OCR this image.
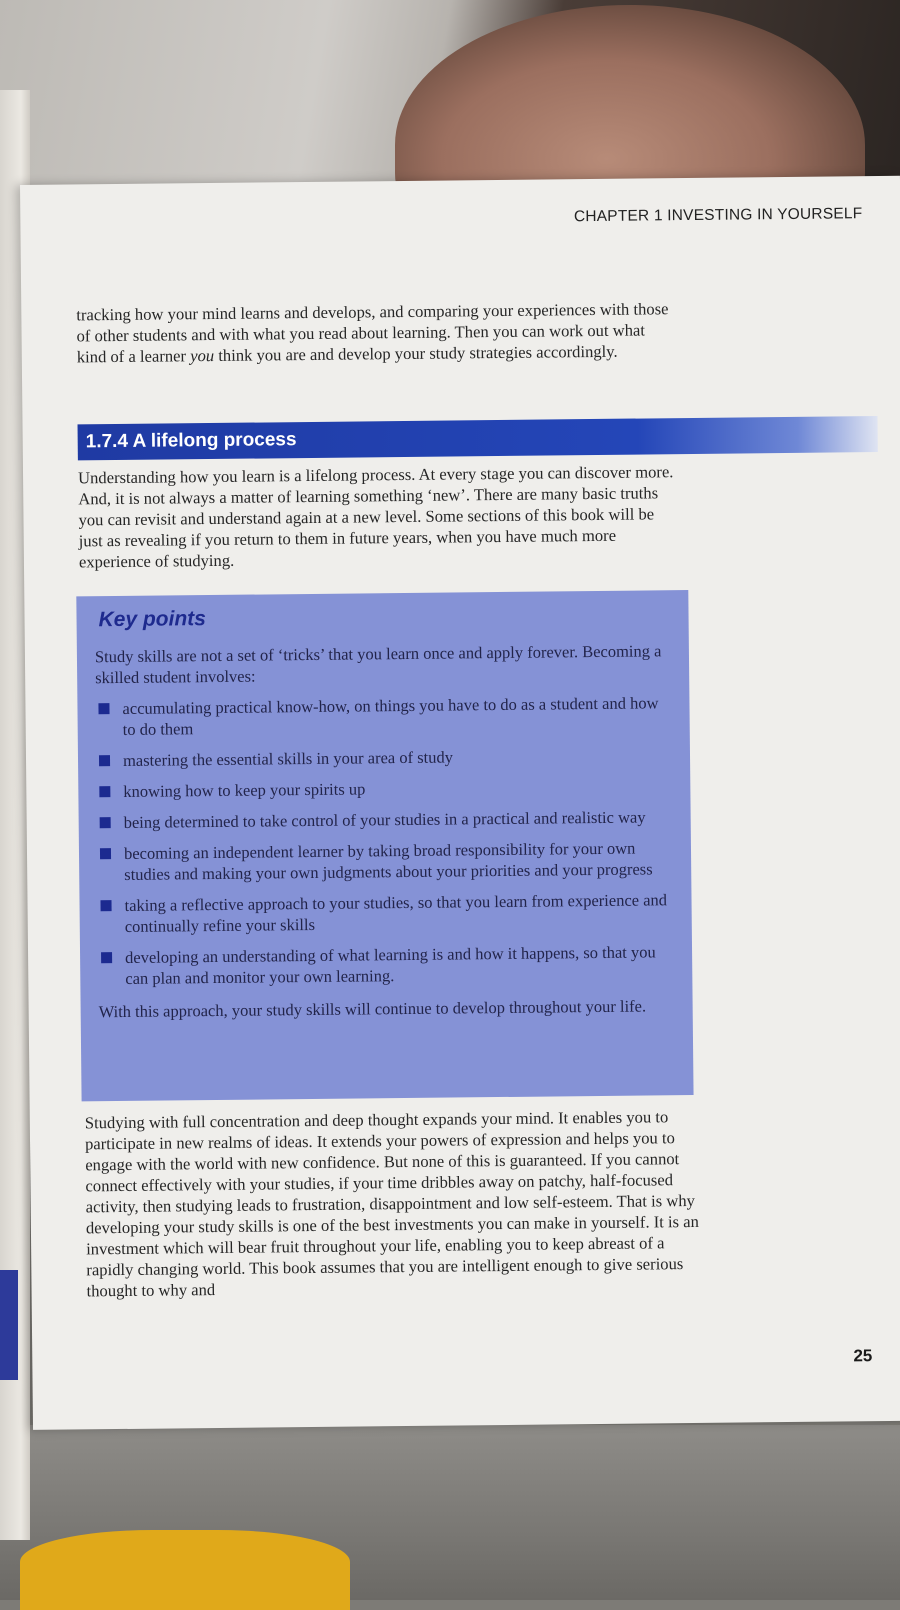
CHAPTER 1 INVESTING IN YOURSELF

tracking how your mind learns and develops, and comparing your experiences with those of other students and with what you read about learning. Then you can work out what kind of a learner you think you are and develop your study strategies accordingly.

1.7.4 A lifelong process

Understanding how you learn is a lifelong process. At every stage you can discover more. And, it is not always a matter of learning something ‘new’. There are many basic truths you can revisit and understand again at a new level. Some sections of this book will be just as revealing if you return to them in future years, when you have much more experience of studying.

Key points

Study skills are not a set of ‘tricks’ that you learn once and apply forever. Becoming a skilled student involves:

accumulating practical know-how, on things you have to do as a student and how to do them
mastering the essential skills in your area of study
knowing how to keep your spirits up
being determined to take control of your studies in a practical and realistic way
becoming an independent learner by taking broad responsibility for your own studies and making your own judgments about your priorities and your progress
taking a reflective approach to your studies, so that you learn from experience and continually refine your skills
developing an understanding of what learning is and how it happens, so that you can plan and monitor your own learning.

With this approach, your study skills will continue to develop throughout your life.

Studying with full concentration and deep thought expands your mind. It enables you to participate in new realms of ideas. It extends your powers of expression and helps you to engage with the world with new confidence. But none of this is guaranteed. If you cannot connect effectively with your studies, if your time dribbles away on patchy, half-focused activity, then studying leads to frustration, disappointment and low self-esteem. That is why developing your study skills is one of the best investments you can make in yourself. It is an investment which will bear fruit throughout your life, enabling you to keep abreast of a rapidly changing world. This book assumes that you are intelligent enough to give serious thought to why and

25
